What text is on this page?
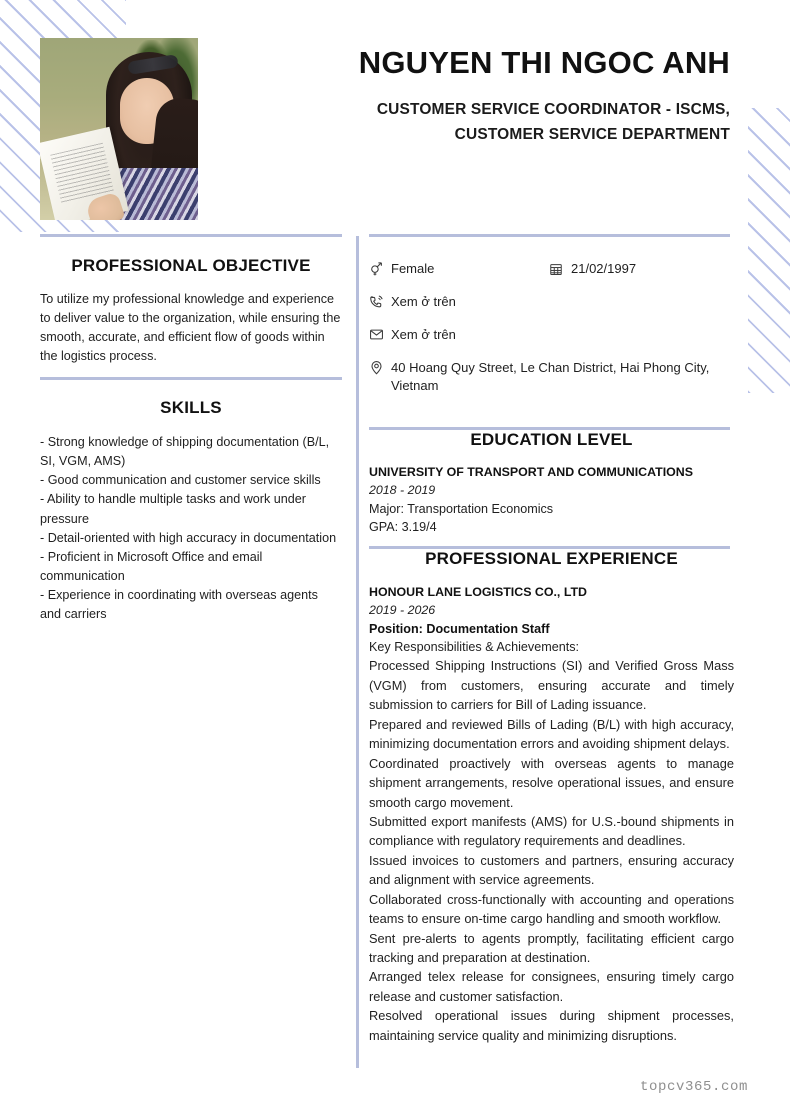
NGUYEN THI NGOC ANH
CUSTOMER SERVICE COORDINATOR - ISCMS,
CUSTOMER SERVICE DEPARTMENT
PROFESSIONAL OBJECTIVE

To utilize my professional knowledge and experience to deliver value to the organization, while ensuring the smooth, accurate, and efficient flow of goods within the logistics process.

SKILLS
- Strong knowledge of shipping documentation (B/L, SI, VGM, AMS)
- Good communication and customer service skills
- Ability to handle multiple tasks and work under pressure
- Detail-oriented with high accuracy in documentation
- Proficient in Microsoft Office and email communication
- Experience in coordinating with overseas agents and carriers
Female	21/02/1997
Xem ở trên
Xem ở trên
40 Hoang Quy Street, Le Chan District, Hai Phong City, Vietnam
EDUCATION LEVEL
UNIVERSITY OF TRANSPORT AND COMMUNICATIONS
2018 - 2019
Major: Transportation Economics
GPA: 3.19/4
PROFESSIONAL EXPERIENCE
HONOUR LANE LOGISTICS CO., LTD
2019 - 2026
Position: Documentation Staff
Key Responsibilities & Achievements:
Processed Shipping Instructions (SI) and Verified Gross Mass (VGM) from customers, ensuring accurate and timely submission to carriers for Bill of Lading issuance.
Prepared and reviewed Bills of Lading (B/L) with high accuracy, minimizing documentation errors and avoiding shipment delays.
Coordinated proactively with overseas agents to manage shipment arrangements, resolve operational issues, and ensure smooth cargo movement.
Submitted export manifests (AMS) for U.S.-bound shipments in compliance with regulatory requirements and deadlines.
Issued invoices to customers and partners, ensuring accuracy and alignment with service agreements.
Collaborated cross-functionally with accounting and operations teams to ensure on-time cargo handling and smooth workflow.
Sent pre-alerts to agents promptly, facilitating efficient cargo tracking and preparation at destination.
Arranged telex release for consignees, ensuring timely cargo release and customer satisfaction.
Resolved operational issues during shipment processes, maintaining service quality and minimizing disruptions.
topcv365.com
